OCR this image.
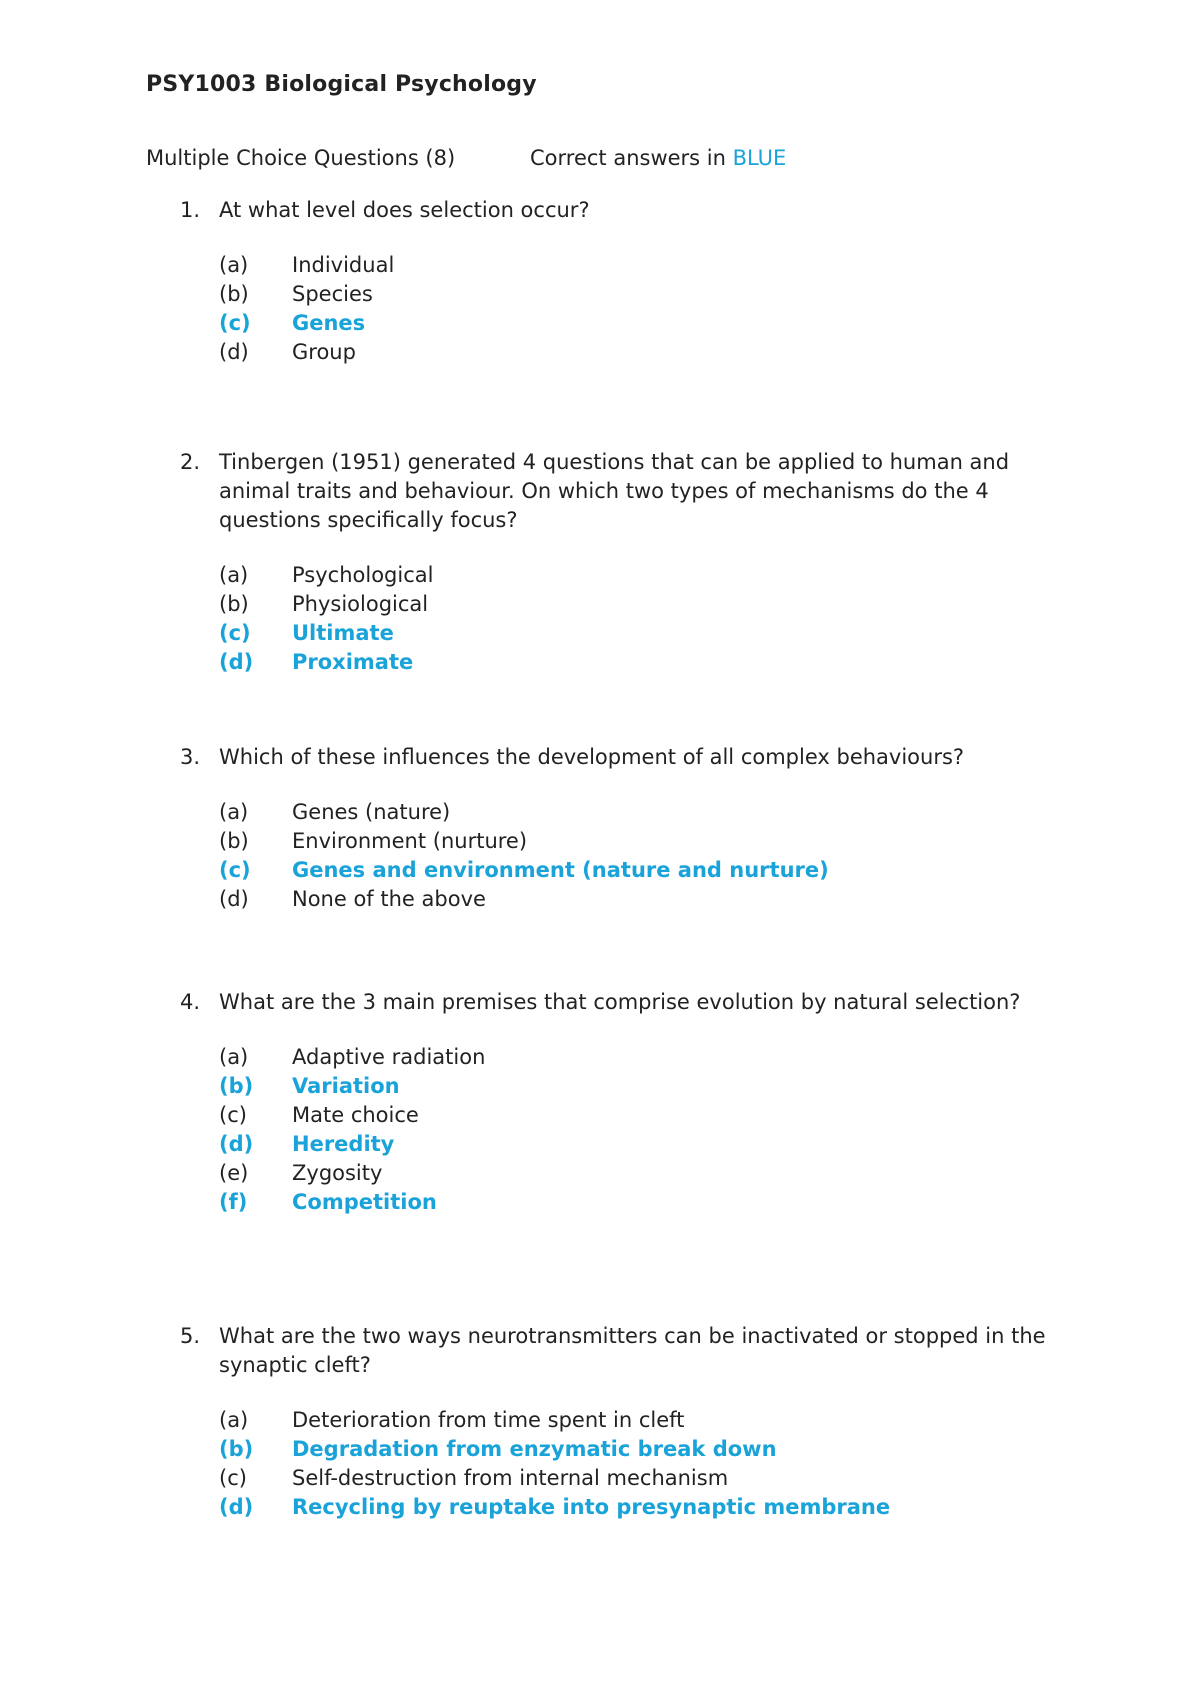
PSY1003 Biological Psychology
Multiple Choice Questions (8)	Correct answers in BLUE
1. At what level does selection occur?
(a) Individual
(b) Species
(c) Genes
(d) Group
2. Tinbergen (1951) generated 4 questions that can be applied to human and animal traits and behaviour. On which two types of mechanisms do the 4 questions specifically focus?
(a) Psychological
(b) Physiological
(c) Ultimate
(d) Proximate
3. Which of these influences the development of all complex behaviours?
(a) Genes (nature)
(b) Environment (nurture)
(c) Genes and environment (nature and nurture)
(d) None of the above
4. What are the 3 main premises that comprise evolution by natural selection?
(a) Adaptive radiation
(b) Variation
(c) Mate choice
(d) Heredity
(e) Zygosity
(f) Competition
5. What are the two ways neurotransmitters can be inactivated or stopped in the synaptic cleft?
(a) Deterioration from time spent in cleft
(b) Degradation from enzymatic break down
(c) Self-destruction from internal mechanism
(d) Recycling by reuptake into presynaptic membrane
